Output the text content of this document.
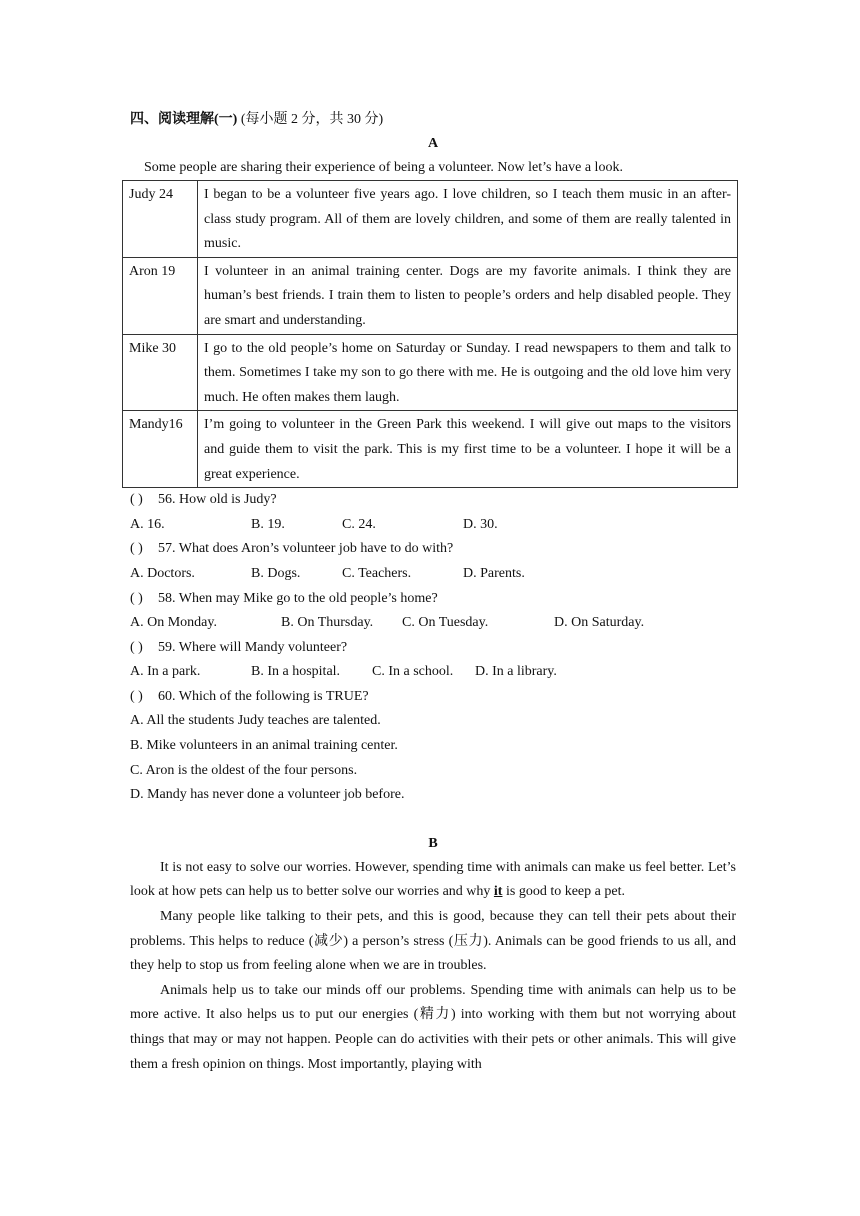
四、阅读理解(一) (每小题 2 分，共 30 分)
A
Some people are sharing their experience of being a volunteer. Now let’s have a look.
Judy 24	I began to be a volunteer five years ago. I love children, so I teach them music in an after-class study program. All of them are lovely children, and some of them are really talented in music.
Aron 19	I volunteer in an animal training center. Dogs are my favorite animals. I think they are human’s best friends. I train them to listen to people’s orders and help disabled people. They are smart and understanding.
Mike 30	I go to the old people’s home on Saturday or Sunday. I read newspapers to them and talk to them. Sometimes I take my son to go there with me. He is outgoing and the old love him very much. He often makes them laugh.
Mandy16	I’m going to volunteer in the Green Park this weekend. I will give out maps to the visitors and guide them to visit the park. This is my first time to be a volunteer. I hope it will be a great experience.
( ) 56. How old is Judy?
A. 16.	B. 19.	C. 24.	D. 30.
( ) 57. What does Aron’s volunteer job have to do with?
A. Doctors.	B. Dogs.	C. Teachers.	D. Parents.
( ) 58. When may Mike go to the old people’s home?
A. On Monday.	B. On Thursday. C. On Tuesday.	D. On Saturday.
( ) 59. Where will Mandy volunteer?
A. In a park.	B. In a hospital. C. In a school. D. In a library.
( ) 60. Which of the following is TRUE?
A. All the students Judy teaches are talented.
B. Mike volunteers in an animal training center.
C. Aron is the oldest of the four persons.
D. Mandy has never done a volunteer job before.
B

It is not easy to solve our worries. However, spending time with animals can make us feel better. Let’s look at how pets can help us to better solve our worries and why it is good to keep a pet.

Many people like talking to their pets, and this is good, because they can tell their pets about their problems. This helps to reduce (减少) a person’s stress (压力). Animals can be good friends to us all, and they help to stop us from feeling alone when we are in troubles.

Animals help us to take our minds off our problems. Spending time with animals can help us to be more active. It also helps us to put our energies (精力) into working with them but not worrying about things that may or may not happen. People can do activities with their pets or other animals. This will give them a fresh opinion on things. Most importantly, playing with
